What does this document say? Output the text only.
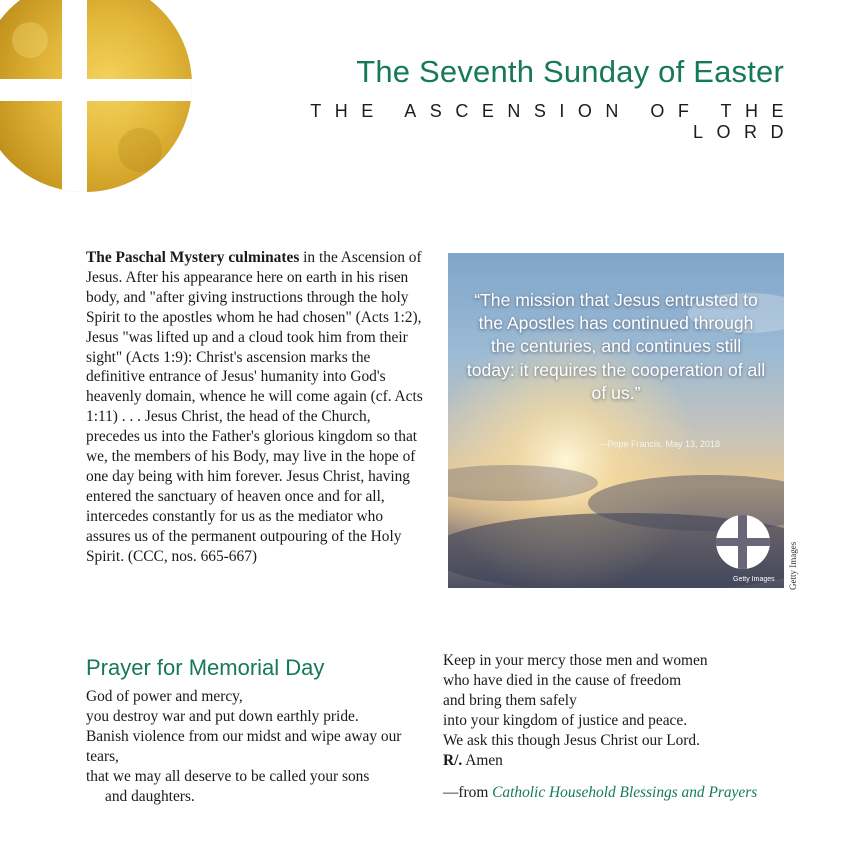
The Seventh Sunday of Easter
THE ASCENSION OF THE LORD
The Paschal Mystery culminates in the Ascension of Jesus. After his appearance here on earth in his risen body, and "after giving instructions through the holy Spirit to the apostles whom he had chosen" (Acts 1:2), Jesus "was lifted up and a cloud took him from their sight" (Acts 1:9): Christ's ascension marks the definitive entrance of Jesus' humanity into God's heavenly domain, whence he will come again (cf. Acts 1:11) . . . Jesus Christ, the head of the Church, precedes us into the Father's glorious kingdom so that we, the members of his Body, may live in the hope of one day being with him forever. Jesus Christ, having entered the sanctuary of heaven once and for all, intercedes constantly for us as the mediator who assures us of the permanent outpouring of the Holy Spirit. (CCC, nos. 665-667)
“The mission that Jesus entrusted to the Apostles has continued through the centuries, and continues still today: it requires the cooperation of all of us.”
—Pope Francis, May 13, 2018
Getty Images Getty Images
Prayer for Memorial Day
God of power and mercy,
you destroy war and put down earthly pride.
Banish violence from our midst and wipe away our tears,
that we may all deserve to be called your sons
and daughters.
Keep in your mercy those men and women
who have died in the cause of freedom
and bring them safely
into your kingdom of justice and peace.
We ask this though Jesus Christ our Lord.
R/. Amen
—from Catholic Household Blessings and Prayers
